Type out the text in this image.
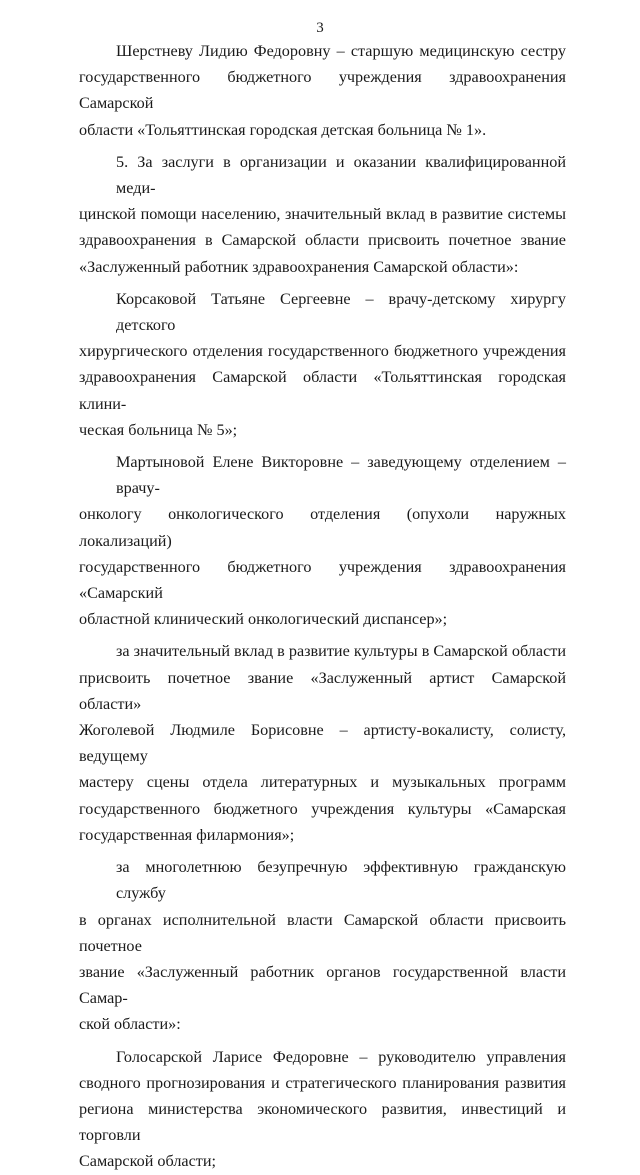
3

Шерстневу Лидию Федоровну – старшую медицинскую сестру
государственного бюджетного учреждения здравоохранения Самарской
области «Тольяттинская городская детская больница № 1».

5. За заслуги в организации и оказании квалифицированной меди-
цинской помощи населению, значительный вклад в развитие системы
здравоохранения в Самарской области присвоить почетное звание
«Заслуженный работник здравоохранения Самарской области»:

Корсаковой Татьяне Сергеевне – врачу-детскому хирургу детского
хирургического отделения государственного бюджетного учреждения
здравоохранения Самарской области «Тольяттинская городская клини-
ческая больница № 5»;

Мартыновой Елене Викторовне – заведующему отделением – врачу-
онкологу онкологического отделения (опухоли наружных локализаций)
государственного бюджетного учреждения здравоохранения «Самарский
областной клинический онкологический диспансер»;

за значительный вклад в развитие культуры в Самарской области
присвоить почетное звание «Заслуженный артист Самарской области»
Жоголевой Людмиле Борисовне – артисту-вокалисту, солисту, ведущему
мастеру сцены отдела литературных и музыкальных программ
государственного бюджетного учреждения культуры «Самарская
государственная филармония»;

за многолетнюю безупречную эффективную гражданскую службу
в органах исполнительной власти Самарской области присвоить почетное
звание «Заслуженный работник органов государственной власти Самар-
ской области»:

Голосарской Ларисе Федоровне – руководителю управления
сводного прогнозирования и стратегического планирования развития
региона министерства экономического развития, инвестиций и торговли
Самарской области;
